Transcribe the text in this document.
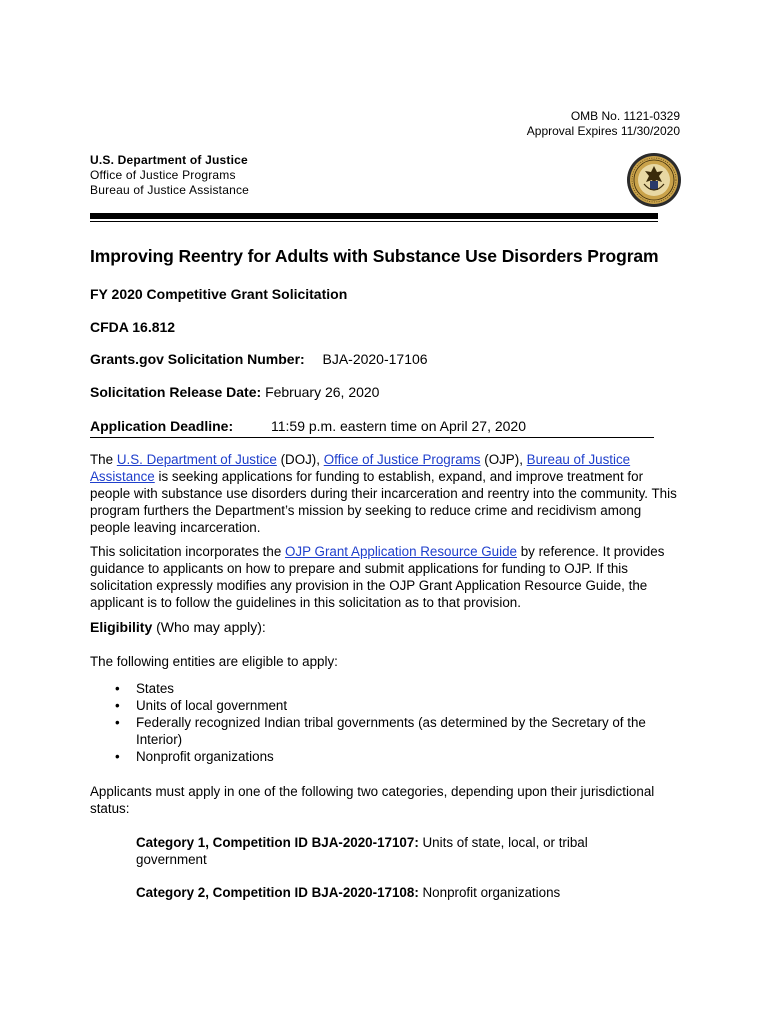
OMB No. 1121-0329
Approval Expires 11/30/2020
U.S. Department of Justice
Office of Justice Programs
Bureau of Justice Assistance
Improving Reentry for Adults with Substance Use Disorders Program
FY 2020 Competitive Grant Solicitation
CFDA 16.812
Grants.gov Solicitation Number: BJA-2020-17106
Solicitation Release Date: February 26, 2020
Application Deadline:	11:59 p.m. eastern time on April 27, 2020
The U.S. Department of Justice (DOJ), Office of Justice Programs (OJP), Bureau of Justice Assistance is seeking applications for funding to establish, expand, and improve treatment for people with substance use disorders during their incarceration and reentry into the community. This program furthers the Department’s mission by seeking to reduce crime and recidivism among people leaving incarceration.
This solicitation incorporates the OJP Grant Application Resource Guide by reference. It provides guidance to applicants on how to prepare and submit applications for funding to OJP. If this solicitation expressly modifies any provision in the OJP Grant Application Resource Guide, the applicant is to follow the guidelines in this solicitation as to that provision.
Eligibility (Who may apply):
The following entities are eligible to apply:
• States
• Units of local government
• Federally recognized Indian tribal governments (as determined by the Secretary of the Interior)
• Nonprofit organizations
Applicants must apply in one of the following two categories, depending upon their jurisdictional status:
Category 1, Competition ID BJA-2020-17107: Units of state, local, or tribal government
Category 2, Competition ID BJA-2020-17108: Nonprofit organizations
